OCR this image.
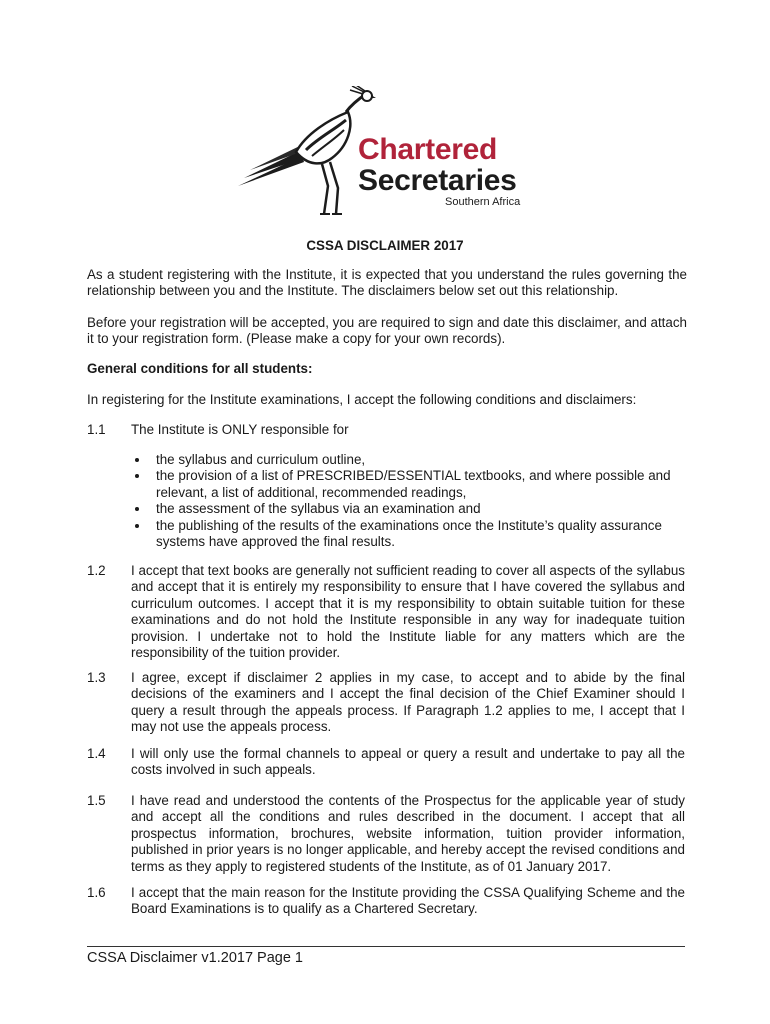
Chartered
Secretaries
Southern Africa
CSSA DISCLAIMER 2017
As a student registering with the Institute, it is expected that you understand the rules governing the relationship between you and the Institute. The disclaimers below set out this relationship.
Before your registration will be accepted, you are required to sign and date this disclaimer, and attach it to your registration form. (Please make a copy for your own records).
General conditions for all students:
In registering for the Institute examinations, I accept the following conditions and disclaimers:
1.1 The Institute is ONLY responsible for
the syllabus and curriculum outline,
the provision of a list of PRESCRIBED/ESSENTIAL textbooks, and where possible and relevant, a list of additional, recommended readings,
the assessment of the syllabus via an examination and
the publishing of the results of the examinations once the Institute’s quality assurance systems have approved the final results.
1.2 I accept that text books are generally not sufficient reading to cover all aspects of the syllabus and accept that it is entirely my responsibility to ensure that I have covered the syllabus and curriculum outcomes. I accept that it is my responsibility to obtain suitable tuition for these examinations and do not hold the Institute responsible in any way for inadequate tuition provision. I undertake not to hold the Institute liable for any matters which are the responsibility of the tuition provider.
1.3 I agree, except if disclaimer 2 applies in my case, to accept and to abide by the final decisions of the examiners and I accept the final decision of the Chief Examiner should I query a result through the appeals process. If Paragraph 1.2 applies to me, I accept that I may not use the appeals process.
1.4 I will only use the formal channels to appeal or query a result and undertake to pay all the costs involved in such appeals.
1.5 I have read and understood the contents of the Prospectus for the applicable year of study and accept all the conditions and rules described in the document. I accept that all prospectus information, brochures, website information, tuition provider information, published in prior years is no longer applicable, and hereby accept the revised conditions and terms as they apply to registered students of the Institute, as of 01 January 2017.
1.6 I accept that the main reason for the Institute providing the CSSA Qualifying Scheme and the Board Examinations is to qualify as a Chartered Secretary.
CSSA Disclaimer v1.2017 Page 1
